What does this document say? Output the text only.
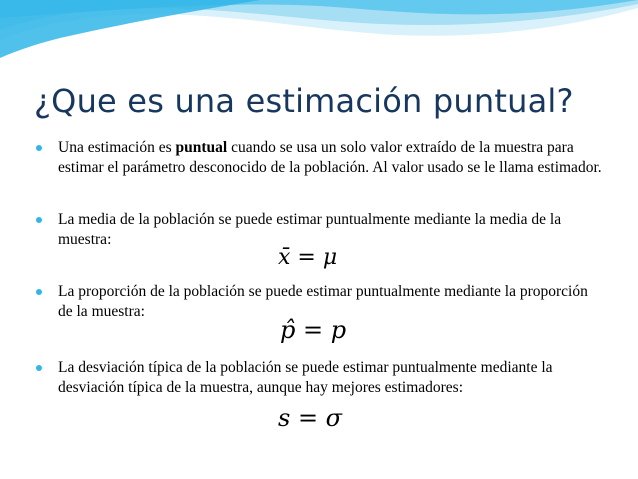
¿Que es una estimación puntual?
Una estimación es puntual cuando se usa un solo valor extraído de la muestra para estimar el parámetro desconocido de la población. Al valor usado se le llama estimador.
La media de la población se puede estimar puntualmente mediante la media de la muestra:
La proporción de la población se puede estimar puntualmente mediante la proporción de la muestra:
La desviación típica de la población se puede estimar puntualmente mediante la desviación típica de la muestra, aunque hay mejores estimadores:
x̄ = μ
p̂ = p
s = σ
